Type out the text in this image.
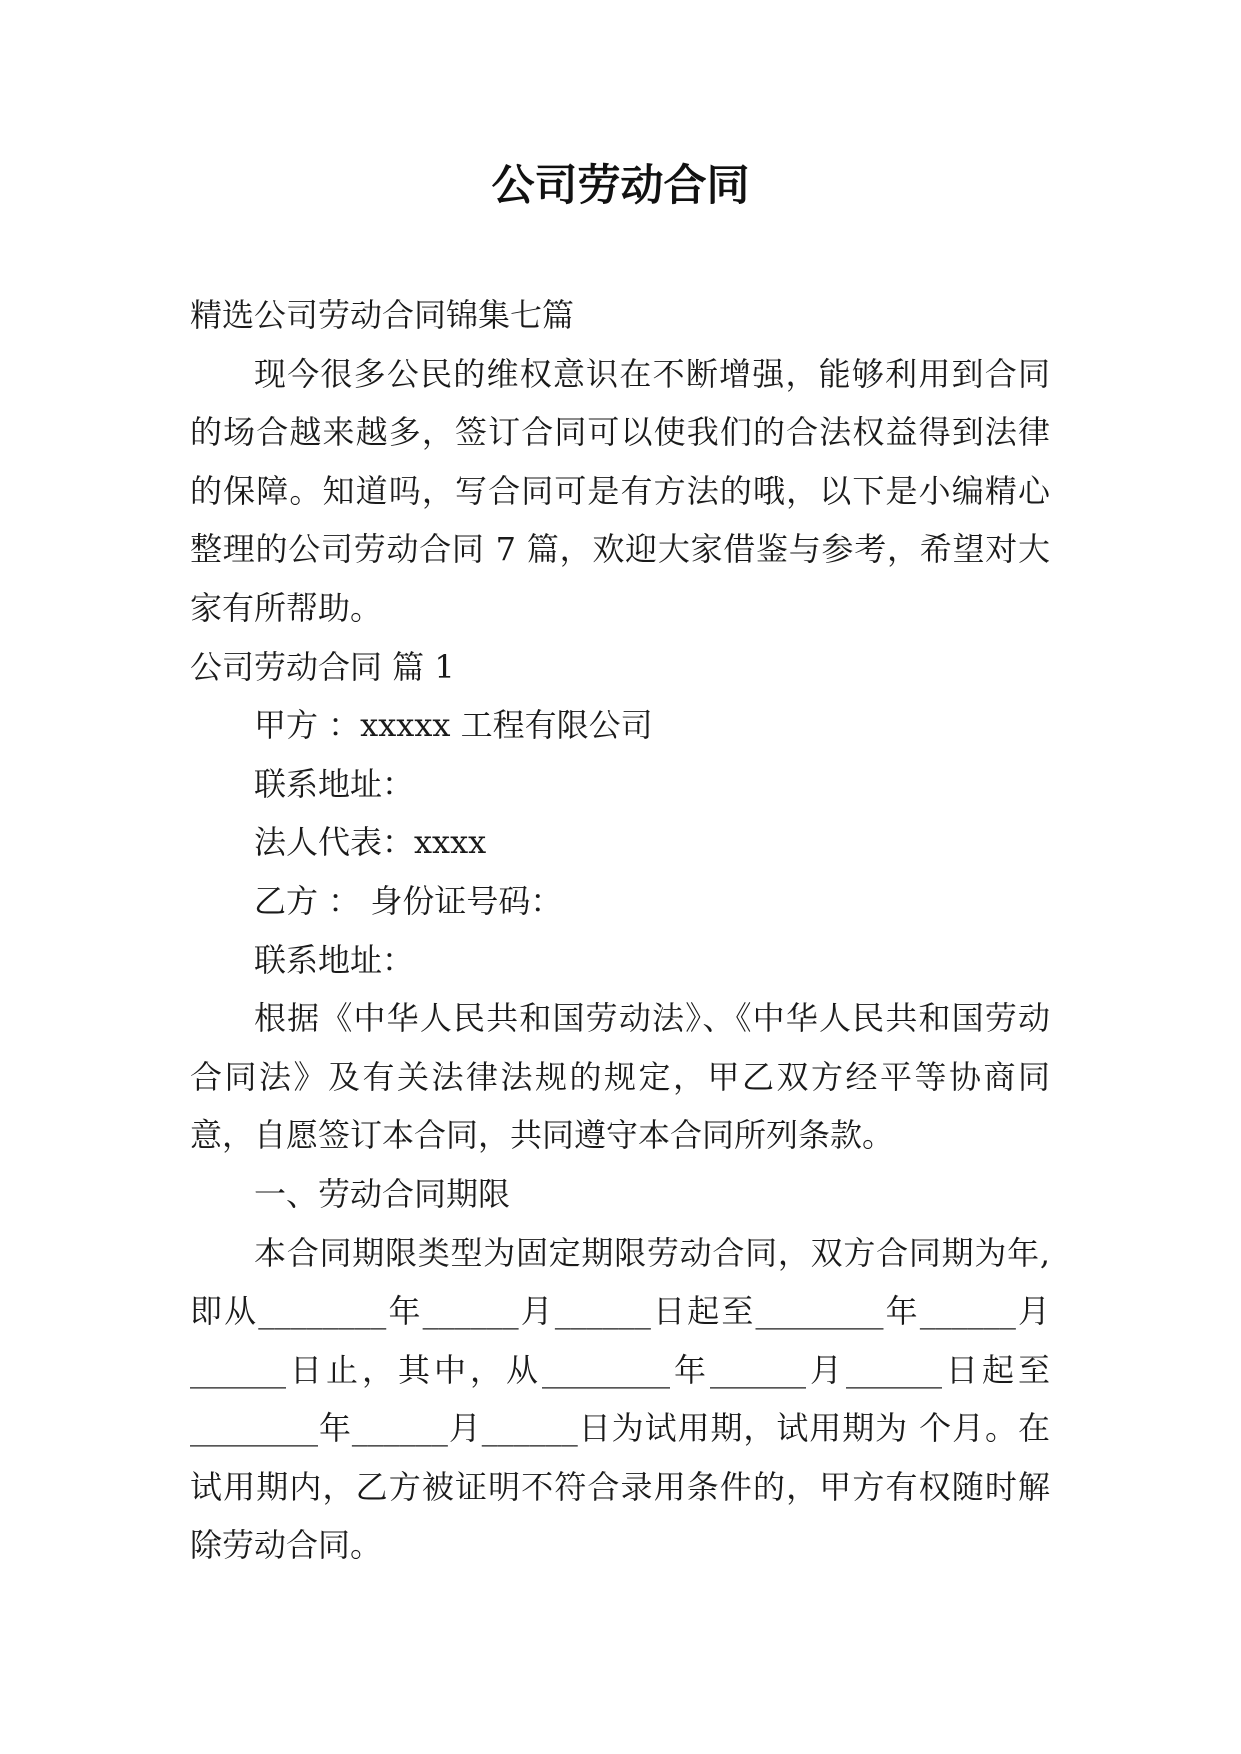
公司劳动合同

精选公司劳动合同锦集七篇

现今很多公民的维权意识在不断增强，能够利用到合同的场合越来越多，签订合同可以使我们的合法权益得到法律的保障。知道吗，写合同可是有方法的哦，以下是小编精心整理的公司劳动合同 7 篇，欢迎大家借鉴与参考，希望对大家有所帮助。

公司劳动合同 篇 1

甲方 ：xxxxx 工程有限公司

联系地址：

法人代表：xxxx

乙方 ： 身份证号码：

联系地址：

根据《中华人民共和国劳动法》、《中华人民共和国劳动合同法》及有关法律法规的规定，甲乙双方经平等协商同意，自愿签订本合同，共同遵守本合同所列条款。

一、劳动合同期限

本合同期限类型为固定期限劳动合同，双方合同期为年,即从________年______月______日起至________年______月______日止，其中，从________年______月______日起至________年______月______日为试用期，试用期为 个月。在试用期内，乙方被证明不符合录用条件的，甲方有权随时解除劳动合同。
